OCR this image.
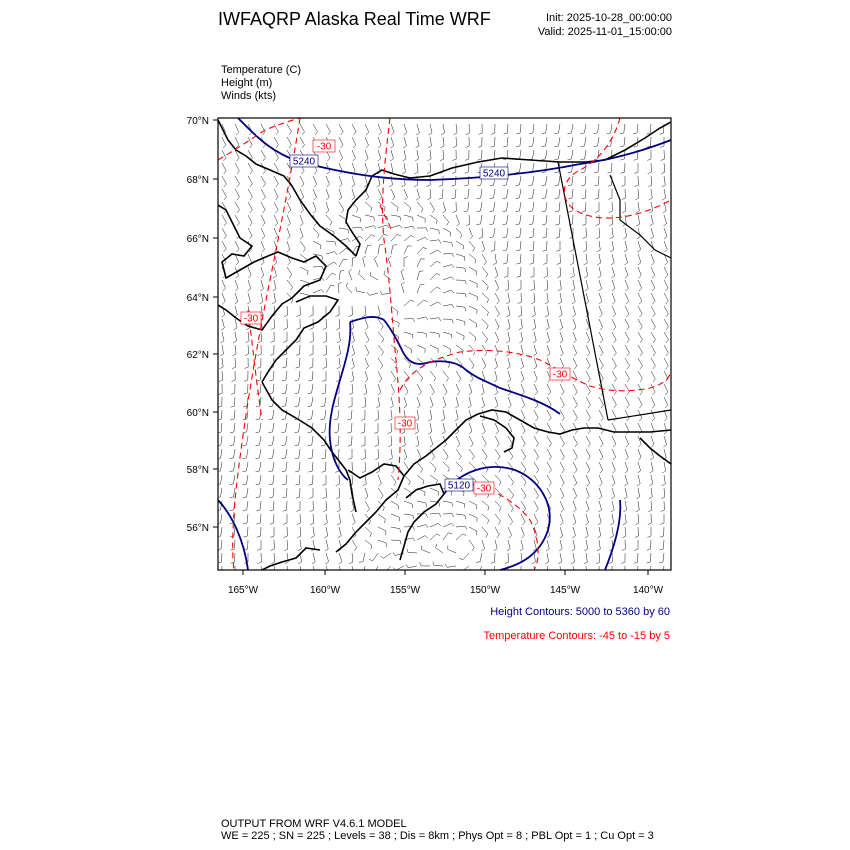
IWFAQRP Alaska Real Time WRF	Init: 2025-10-28_00:00:00
Valid: 2025-11-01_15:00:00
Temperature (C)
Height (m)
Winds (kts)
5240
5240
5120
-30
-30
-30
-30
-30
70°N
68°N
66°N
64°N
62°N
60°N
58°N
56°N
165°W	160°W	155°W	150°W	145°W	140°W
Height Contours: 5000 to 5360 by 60
Temperature Contours: -45 to -15 by 5
OUTPUT FROM WRF V4.6.1 MODEL
WE = 225 ; SN = 225 ; Levels = 38 ; Dis = 8km ; Phys Opt = 8 ; PBL Opt = 1 ; Cu Opt = 3
